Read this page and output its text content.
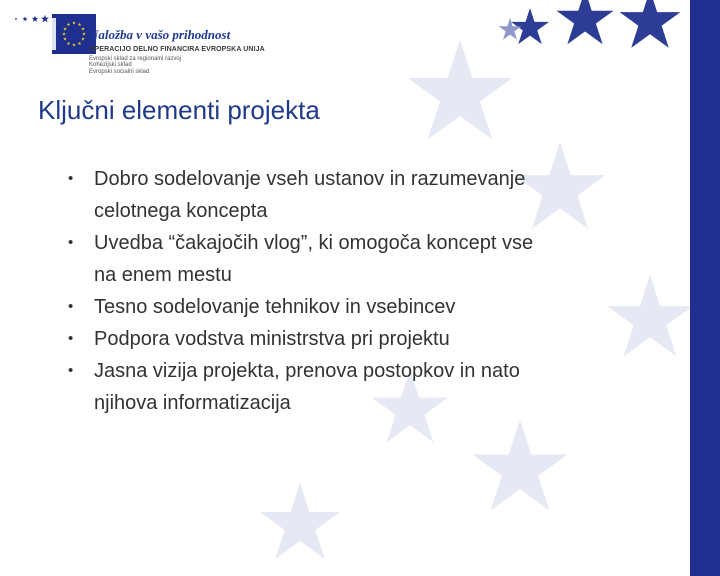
Naložba v vašo prihodnost
OPERACIJO DELNO FINANCIRA EVROPSKA UNIJA
Evropski sklad za regionalni razvoj
Kohezijski sklad
Evropski socialni sklad
Ključni elementi projekta
• Dobro sodelovanje vseh ustanov in razumevanje
celotnega koncepta
• Uvedba “čakajočih vlog”, ki omogoča koncept vse
na enem mestu
• Tesno sodelovanje tehnikov in vsebincev
• Podpora vodstva ministrstva pri projektu
• Jasna vizija projekta, prenova postopkov in nato
njihova informatizacija
